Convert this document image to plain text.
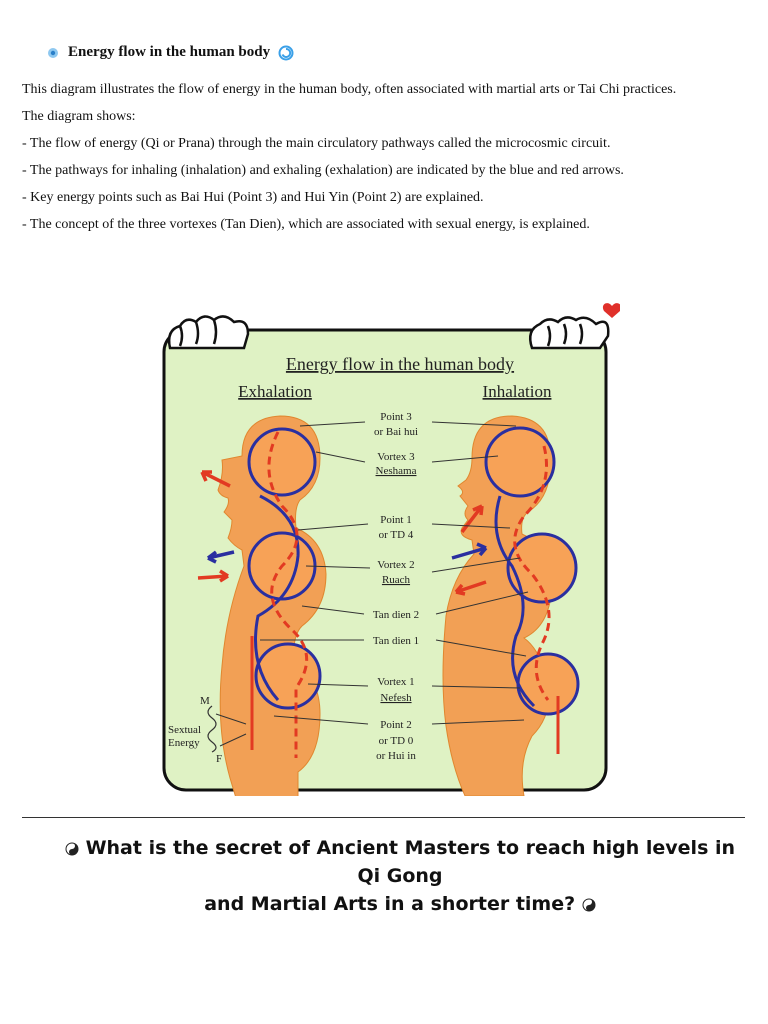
Energy flow in the human body

This diagram illustrates the flow of energy in the human body, often associated with martial arts or Tai Chi practices.

The diagram shows:

- The flow of energy (Qi or Prana) through the main circulatory pathways called the microcosmic circuit.

- The pathways for inhaling (inhalation) and exhaling (exhalation) are indicated by the blue and red arrows.

- Key energy points such as Bai Hui (Point 3) and Hui Yin (Point 2) are explained.

- The concept of the three vortexes (Tan Dien), which are associated with sexual energy, is explained.

Energy flow in the human body
Exhalation	Inhalation
Point 3
or Bai hui
Vortex 3
Neshama
Point 1
or TD 4
Vortex 2
Ruach
Tan dien 2
Tan dien 1
Vortex 1
Nefesh
Point 2
or TD 0
or Hui in
M
F
Sextual
Energy
What is the secret of Ancient Masters to reach high levels in Qi Gong
and Martial Arts in a shorter time?
